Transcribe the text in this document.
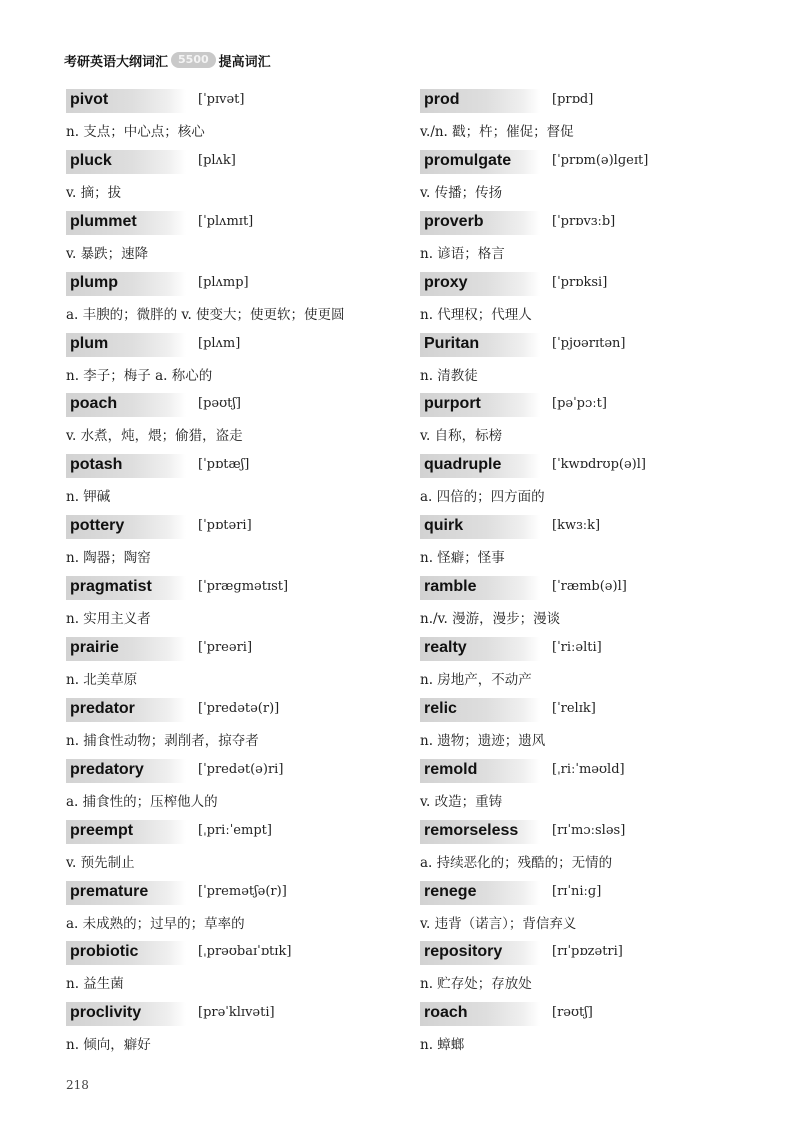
考研英语大纲词汇 5500 提高词汇
pivot	[ˈpɪvət]
n. 支点；中心点；核心
pluck	[plʌk]
v. 摘；拔
plummet	[ˈplʌmɪt]
v. 暴跌；速降
plump	[plʌmp]
a. 丰腴的；微胖的 v. 使变大；使更软；使更圆
plum	[plʌm]
n. 李子；梅子 a. 称心的
poach	[pəʊtʃ]
v. 水煮，炖，煨；偷猎，盗走
potash	[ˈpɒtæʃ]
n. 钾碱
pottery	[ˈpɒtəri]
n. 陶器；陶窑
pragmatist	[ˈpræɡmətɪst]
n. 实用主义者
prairie	[ˈpreəri]
n. 北美草原
predator	[ˈpredətə(r)]
n. 捕食性动物；剥削者，掠夺者
predatory	[ˈpredət(ə)ri]
a. 捕食性的；压榨他人的
preempt	[ˌpriːˈempt]
v. 预先制止
premature	[ˈpremətʃə(r)]
a. 未成熟的；过早的；草率的
probiotic	[ˌprəʊbaɪˈɒtɪk]
n. 益生菌
proclivity	[prəˈklɪvəti]
n. 倾向，癖好
prod	[prɒd]
v./n. 戳；杵；催促；督促
promulgate	[ˈprɒm(ə)lɡeɪt]
v. 传播；传扬
proverb	[ˈprɒvɜːb]
n. 谚语；格言
proxy	[ˈprɒksi]
n. 代理权；代理人
Puritan	[ˈpjʊərɪtən]
n. 清教徒
purport	[pəˈpɔːt]
v. 自称，标榜
quadruple	[ˈkwɒdrʊp(ə)l]
a. 四倍的；四方面的
quirk	[kwɜːk]
n. 怪癖；怪事
ramble	[ˈræmb(ə)l]
n./v. 漫游，漫步；漫谈
realty	[ˈriːəlti]
n. 房地产，不动产
relic	[ˈrelɪk]
n. 遗物；遗迹；遗风
remold	[ˌriːˈməʊld]
v. 改造；重铸
remorseless	[rɪˈmɔːsləs]
a. 持续恶化的；残酷的；无情的
renege	[rɪˈniːɡ]
v. 违背（诺言）；背信弃义
repository	[rɪˈpɒzətri]
n. 贮存处；存放处
roach	[rəʊtʃ]
n. 蟑螂
218
